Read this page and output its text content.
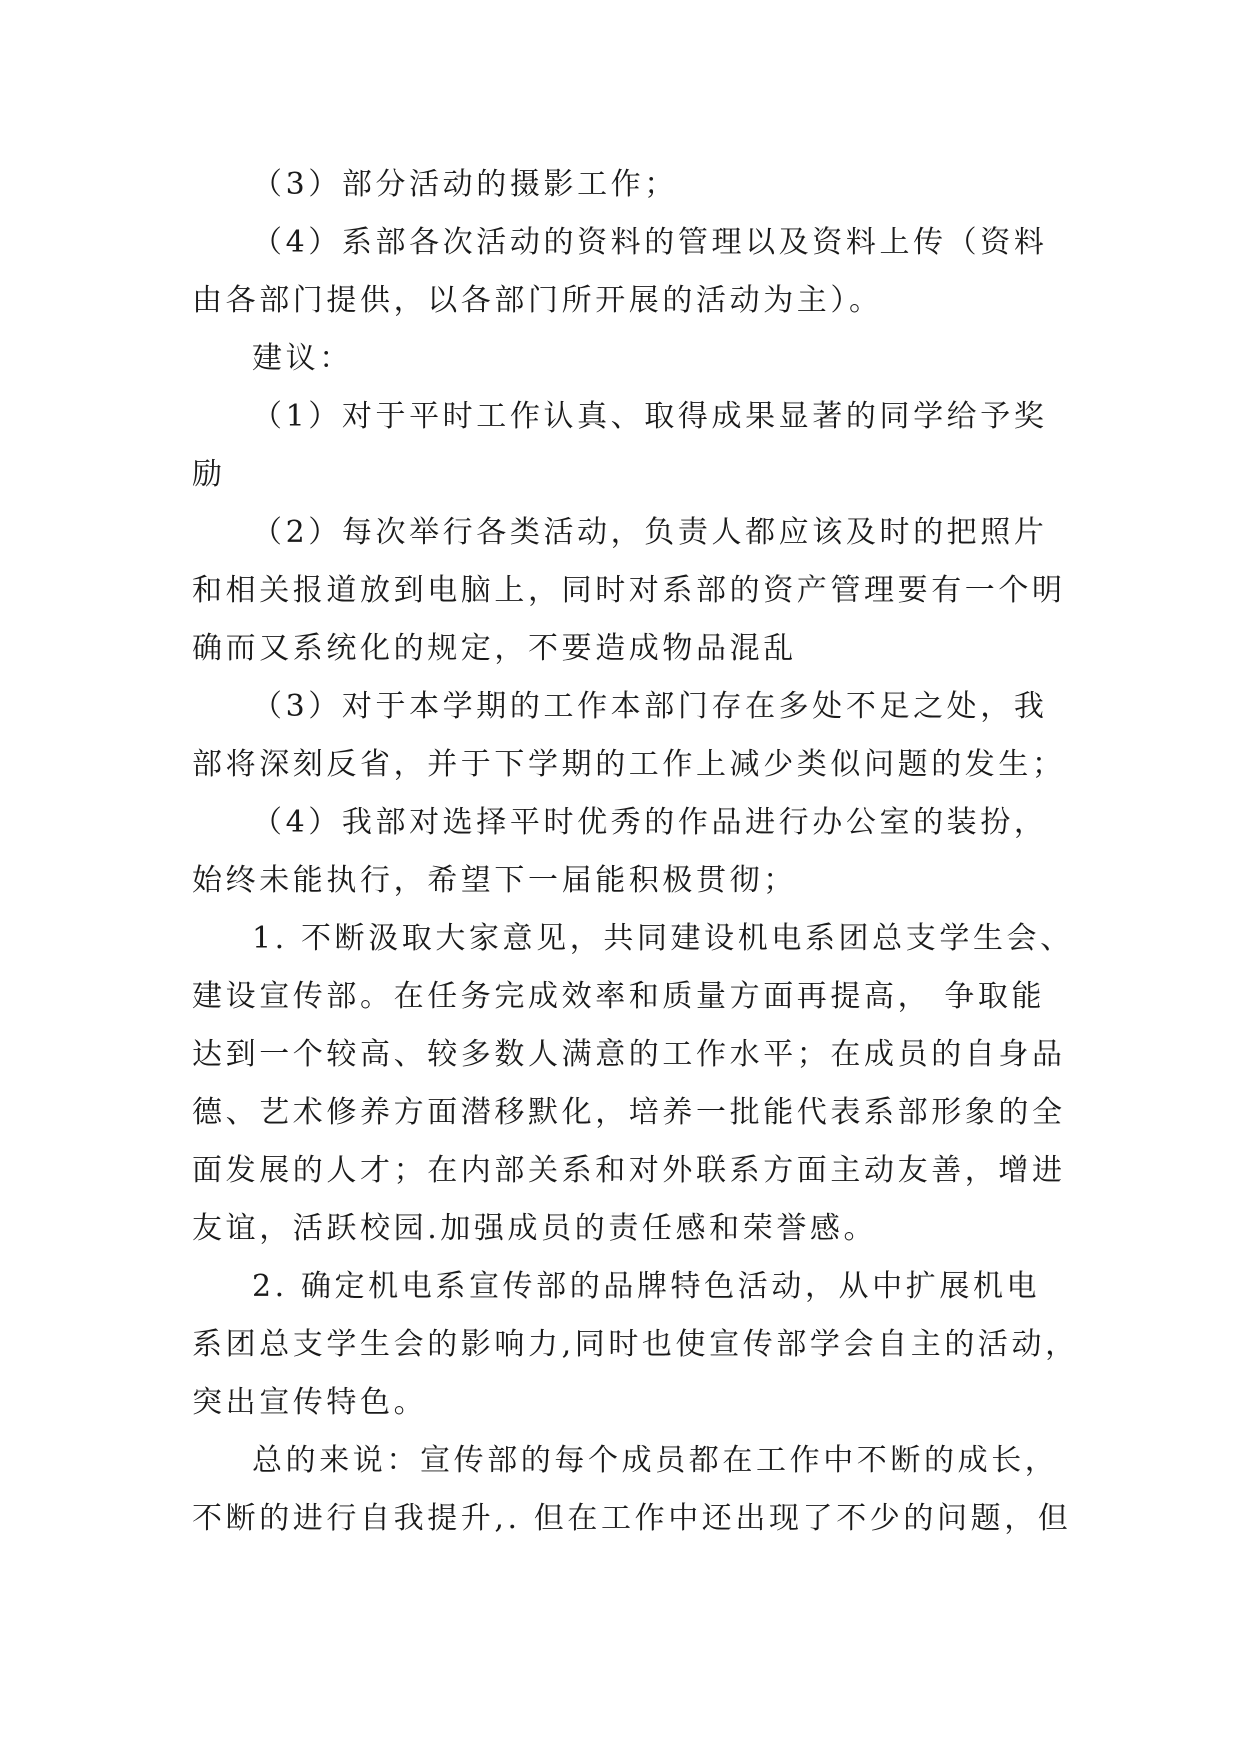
（3）部分活动的摄影工作；
（4）系部各次活动的资料的管理以及资料上传（资料
由各部门提供，以各部门所开展的活动为主）。
建议：
（1）对于平时工作认真、取得成果显著的同学给予奖
励
（2）每次举行各类活动，负责人都应该及时的把照片
和相关报道放到电脑上，同时对系部的资产管理要有一个明
确而又系统化的规定，不要造成物品混乱
（3）对于本学期的工作本部门存在多处不足之处，我
部将深刻反省，并于下学期的工作上减少类似问题的发生；
（4）我部对选择平时优秀的作品进行办公室的装扮，
始终未能执行，希望下一届能积极贯彻；
1. 不断汲取大家意见，共同建设机电系团总支学生会、
建设宣传部。在任务完成效率和质量方面再提高， 争取能
达到一个较高、较多数人满意的工作水平；在成员的自身品
德、艺术修养方面潜移默化，培养一批能代表系部形象的全
面发展的人才；在内部关系和对外联系方面主动友善，增进
友谊，活跃校园.加强成员的责任感和荣誉感。
2. 确定机电系宣传部的品牌特色活动，从中扩展机电
系团总支学生会的影响力,同时也使宣传部学会自主的活动，
突出宣传特色。
总的来说：宣传部的每个成员都在工作中不断的成长，
不断的进行自我提升,. 但在工作中还出现了不少的问题，但
